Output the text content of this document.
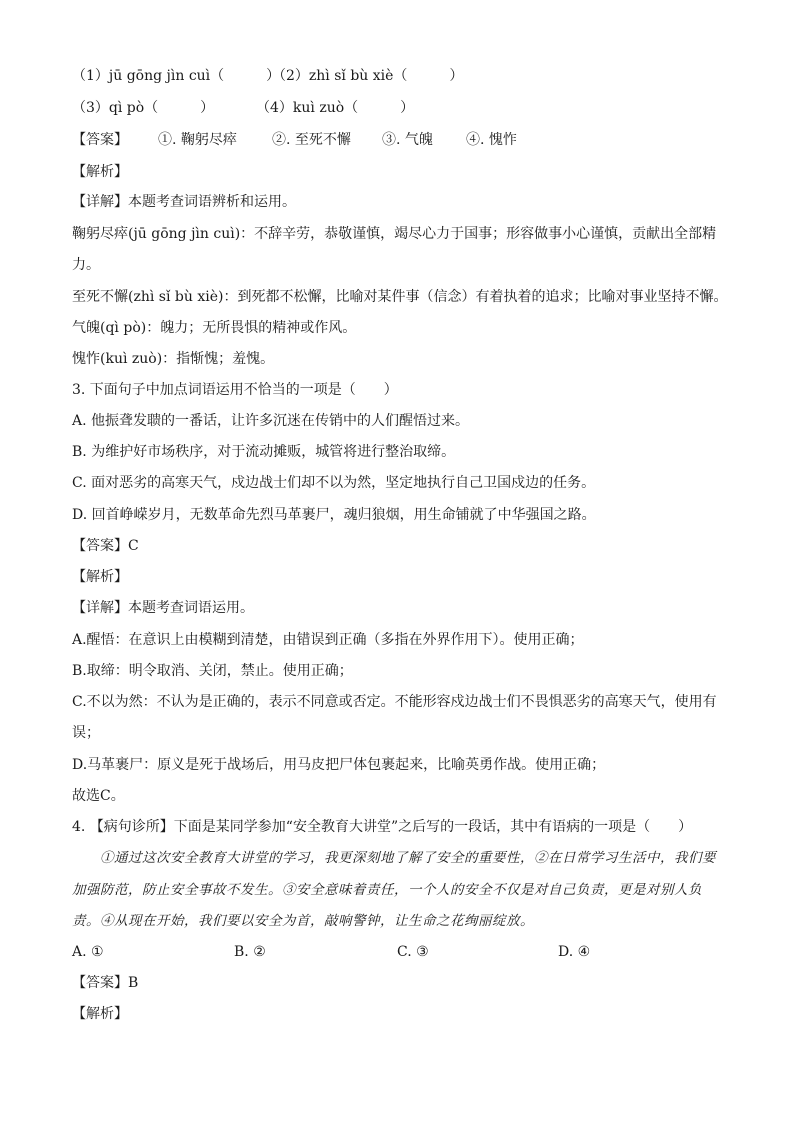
（1）jū gōng jìn cuì（　　　）
（2）zhì sǐ bù xiè（　　　）
（3）qì pò（　　　）	（4）kuì zuò（　　　）
【答案】	①. 鞠躬尽瘁	②. 至死不懈	③. 气魄	④. 愧怍
【解析】
【详解】本题考查词语辨析和运用。
鞠躬尽瘁(jū gōng jìn cuì)：不辞辛劳，恭敬谨慎，竭尽心力于国事；形容做事小心谨慎，贡献出全部精
力。
至死不懈(zhì sǐ bù xiè)：到死都不松懈，比喻对某件事（信念）有着执着的追求；比喻对事业坚持不懈。
气魄(qì pò)：魄力；无所畏惧的精神或作风。
愧怍(kuì zuò)：指惭愧；羞愧。
3. 下面句子中加点词语运用不恰当的一项是（　　）
A. 他振聋发聩的一番话，让许多沉迷在传销中的人们醒悟过来。
B. 为维护好市场秩序，对于流动摊贩，城管将进行整治取缔。
C. 面对恶劣的高寒天气，戍边战士们却不以为然，坚定地执行自己卫国戍边的任务。
D. 回首峥嵘岁月，无数革命先烈马革裹尸，魂归狼烟，用生命铺就了中华强国之路。
【答案】C
【解析】
【详解】本题考查词语运用。
A.醒悟：在意识上由模糊到清楚，由错误到正确（多指在外界作用下）。使用正确；
B.取缔：明令取消、关闭，禁止。使用正确；
C.不以为然：不认为是正确的，表示不同意或否定。不能形容戍边战士们不畏惧恶劣的高寒天气，使用有
误；
D.马革裹尸：原义是死于战场后，用马皮把尸体包裹起来，比喻英勇作战。使用正确；
故选C。
4. 【病句诊所】下面是某同学参加“安全教育大讲堂”之后写的一段话，其中有语病的一项是（　　）
①通过这次安全教育大讲堂的学习，我更深刻地了解了安全的重要性，②在日常学习生活中，我们要
加强防范，防止安全事故不发生。③安全意味着责任，一个人的安全不仅是对自己负责，更是对别人负
责。④从现在开始，我们要以安全为首，敲响警钟，让生命之花绚丽绽放。
A. ①	B. ②	C. ③	D. ④
【答案】B
【解析】
